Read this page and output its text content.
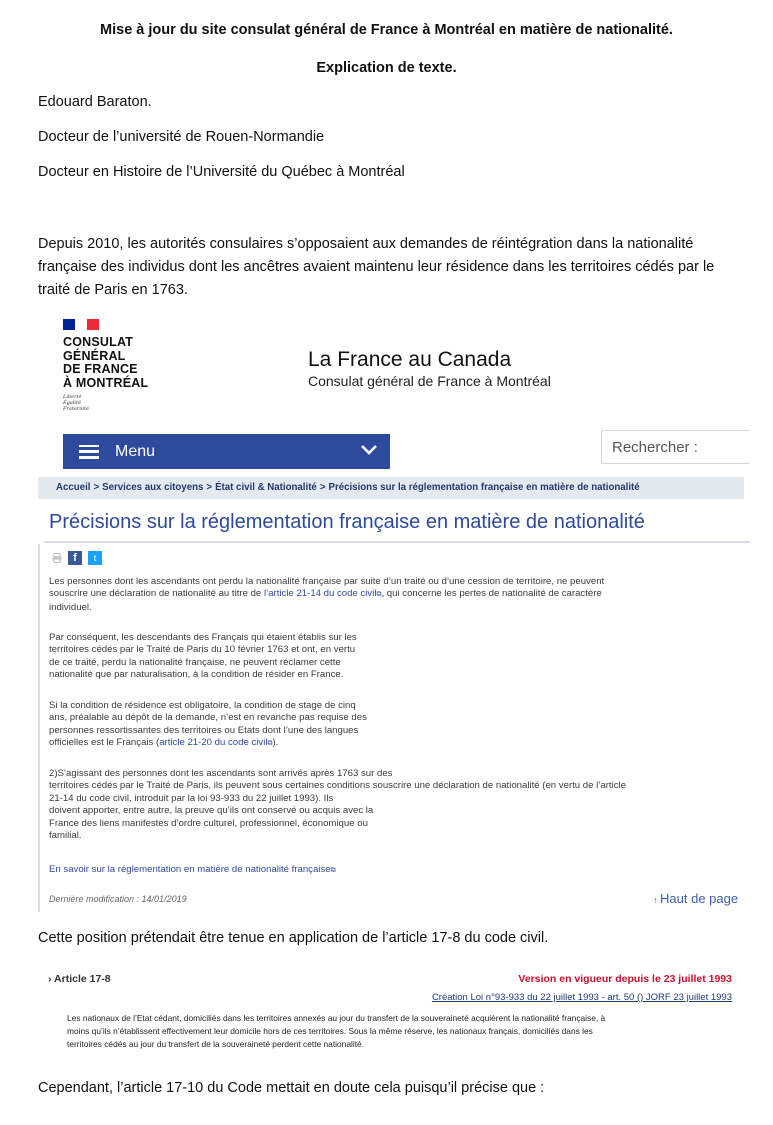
Mise à jour du site consulat général de France à Montréal en matière de nationalité.
Explication de texte.
Edouard Baraton.
Docteur de l’université de Rouen-Normandie
Docteur en Histoire de l’Université du Québec à Montréal
Depuis 2010, les autorités consulaires s’opposaient aux demandes de réintégration dans la nationalité française des individus dont les ancêtres avaient maintenu leur résidence dans les territoires cédés par le traité de Paris en 1763.
CONSULAT
GÉNÉRAL
DE FRANCE
À MONTRÉAL
Liberté
Égalité
Fraternité
La France au Canada
Consulat général de France à Montréal
Menu	Rechercher :
Accueil > Services aux citoyens > État civil & Nationalité > Précisions sur la réglementation française en matière de nationalité
Précisions sur la réglementation française en matière de nationalité
f	t
Les personnes dont les ascendants ont perdu la nationalité française par suite d’un traité ou d’une cession de territoire, ne peuvent
souscrire une déclaration de nationalité au titre de l’article 21-14 du code civil⧉, qui concerne les pertes de nationalité de caractère
individuel.
Par conséquent, les descendants des Français qui étaient établis sur les
territoires cédés par le Traité de Paris du 10 février 1763 et ont, en vertu
de ce traité, perdu la nationalité française, ne peuvent réclamer cette
nationalité que par naturalisation, à la condition de résider en France.
Si la condition de résidence est obligatoire, la condition de stage de cinq
ans, préalable au dépôt de la demande, n’est en revanche pas requise des
personnes ressortissantes des territoires ou Etats dont l’une des langues
officielles est le Français (article 21-20 du code civil⧉).
2)S’agissant des personnes dont les ascendants sont arrivés après 1763 sur des
territoires cédés par le Traité de Paris, ils peuvent sous certaines conditions souscrire une déclaration de nationalité (en vertu de l’article
21-14 du code civil, introduit par la loi 93-933 du 22 juillet 1993). Ils
doivent apporter, entre autre, la preuve qu’ils ont conservé ou acquis avec la
France des liens manifestes d’ordre culturel, professionnel, économique ou
familial.
En savoir sur la réglementation en matière de nationalité française⧉
Dernière modification : 14/01/2019	↑ Haut de page
Cette position prétendait être tenue en application de l’article 17-8 du code civil.
› Article 17-8	Version en vigueur depuis le 23 juillet 1993
Création Loi n°93-933 du 22 juillet 1993 - art. 50 () JORF 23 juillet 1993
Les nationaux de l’Etat cédant, domiciliés dans les territoires annexés au jour du transfert de la souveraineté acquièrent la nationalité française, à
moins qu’ils n’établissent effectivement leur domicile hors de ces territoires. Sous la même réserve, les nationaux français, domiciliés dans les
territoires cédés au jour du transfert de la souveraineté perdent cette nationalité.
Cependant, l’article 17-10 du Code mettait en doute cela puisqu’il précise que :
